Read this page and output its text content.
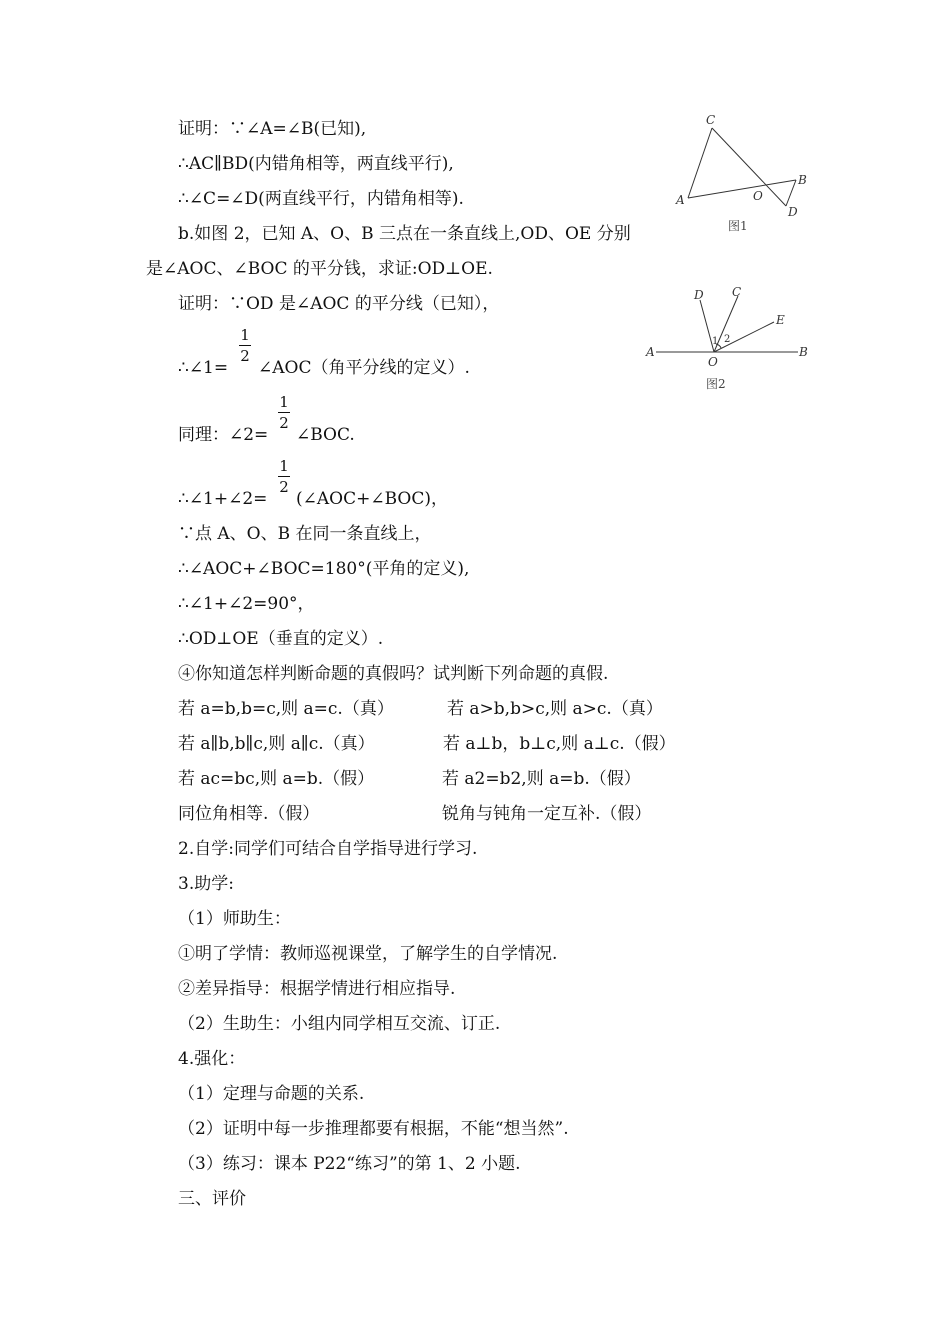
证明：∵∠A=∠B(已知),
∴AC∥BD(内错角相等，两直线平行),
∴∠C=∠D(两直线平行，内错角相等).
b.如图 2，已知 A、O、B 三点在一条直线上,OD、OE 分别
是∠AOC、∠BOC 的平分钱，求证:OD⊥OE.
证明：∵OD 是∠AOC 的平分线（已知），
1
2
∴∠1= ∠AOC（角平分线的定义）.
1
2
同理：∠2= ∠BOC.
1
2
∴∠1+∠2= (∠AOC+∠BOC)，
∵点 A、O、B 在同一条直线上，
∴∠AOC+∠BOC=180°(平角的定义),
∴∠1+∠2=90°，
∴OD⊥OE（垂直的定义）.
④你知道怎样判断命题的真假吗？试判断下列命题的真假.
若 a=b,b=c,则 a=c.（真）	若 a>b,b>c,则 a>c.（真）
若 a∥b,b∥c,则 a∥c.（真）	若 a⊥b，b⊥c,则 a⊥c.（假）
若 ac=bc,则 a=b.（假）	若 a2=b2,则 a=b.（假）
同位角相等.（假）	锐角与钝角一定互补.（假）
2.自学:同学们可结合自学指导进行学习.
3.助学:
（1）师助生：
①明了学情：教师巡视课堂，了解学生的自学情况.
②差异指导：根据学情进行相应指导.
（2）生助生：小组内同学相互交流、订正.
4.强化：
（1）定理与命题的关系.
（2）证明中每一步推理都要有根据，不能“想当然”.
（3）练习：课本 P22“练习”的第 1、2 小题.
三、评价
C
A	O
B
D
图1
D C
E
A
O
B
1 2
图2
